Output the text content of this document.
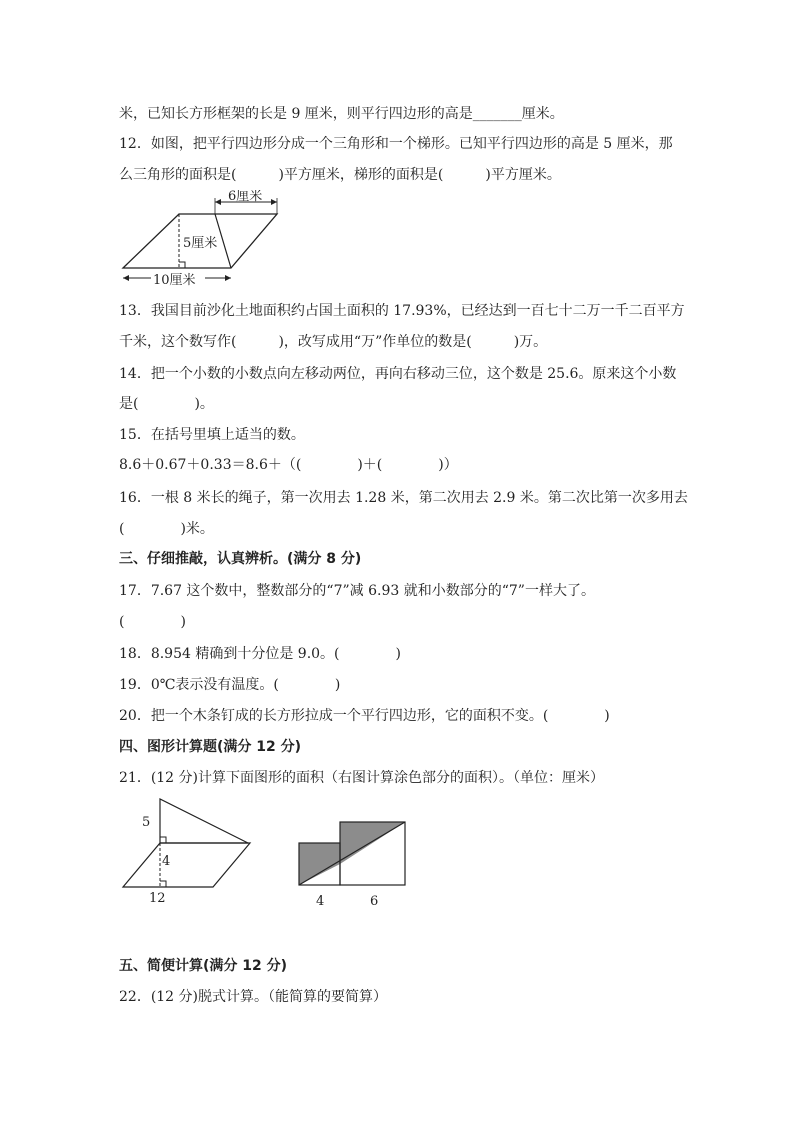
米，已知长方形框架的长是 9 厘米，则平行四边形的高是_______厘米。
12．如图，把平行四边形分成一个三角形和一个梯形。已知平行四边形的高是 5 厘米，那
么三角形的面积是(　　　)平方厘米，梯形的面积是(　　　)平方厘米。
6厘米
5厘米
10厘米
13．我国目前沙化土地面积约占国土面积的 17.93%，已经达到一百七十二万一千二百平方
千米，这个数写作(　　　)，改写成用“万”作单位的数是(　　　)万。
14．把一个小数的小数点向左移动两位，再向右移动三位，这个数是 25.6。原来这个小数
是(　　　　)。
15．在括号里填上适当的数。
8.6＋0.67＋0.33＝8.6＋（(　　　　)＋(　　　　)）
16．一根 8 米长的绳子，第一次用去 1.28 米，第二次用去 2.9 米。第二次比第一次多用去
(　　　　)米。
三、仔细推敲，认真辨析。(满分 8 分)
17．7.67 这个数中，整数部分的“7”减 6.93 就和小数部分的“7”一样大了。
(　　　　)
18．8.954 精确到十分位是 9.0。(　　　　)
19．0℃表示没有温度。(　　　　)
20．把一个木条钉成的长方形拉成一个平行四边形，它的面积不变。(　　　　)
四、图形计算题(满分 12 分)
21．(12 分)计算下面图形的面积（右图计算涂色部分的面积）。（单位：厘米）
5
4
12	4	6
五、简便计算(满分 12 分)
22．(12 分)脱式计算。（能简算的要简算）
